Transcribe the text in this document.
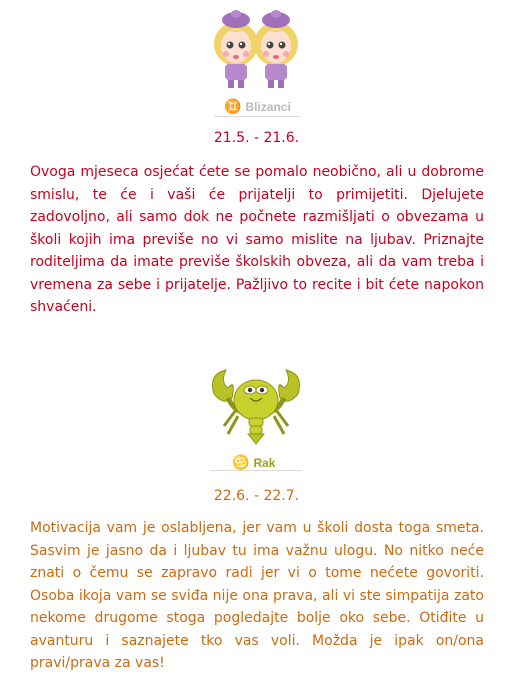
♊ Blizanci
21.5. - 21.6.

Ovoga mjeseca osjećat ćete se pomalo neobično, ali u dobrome smislu, te će i vaši će prijatelji to primijetiti. Djelujete zadovoljno, ali samo dok ne počnete razmišljati o obvezama u školi kojih ima previše no vi samo mislite na ljubav. Priznajte roditeljima da imate previše školskih obveza, ali da vam treba i vremena za sebe i prijatelje. Pažljivo to recite i bit ćete napokon shvaćeni.

♋ Rak
22.6. - 22.7.

Motivacija vam je oslabljena, jer vam u školi dosta toga smeta. Sasvim je jasno da i ljubav tu ima važnu ulogu. No nitko neće znati o čemu se zapravo radi jer vi o tome nećete govoriti. Osoba ikoja vam se sviđa nije ona prava, ali vi ste simpatija zato nekome drugome stoga pogledajte bolje oko sebe. Otiđite u avanturu i saznajete tko vas voli. Možda je ipak on/ona pravi/prava za vas!
